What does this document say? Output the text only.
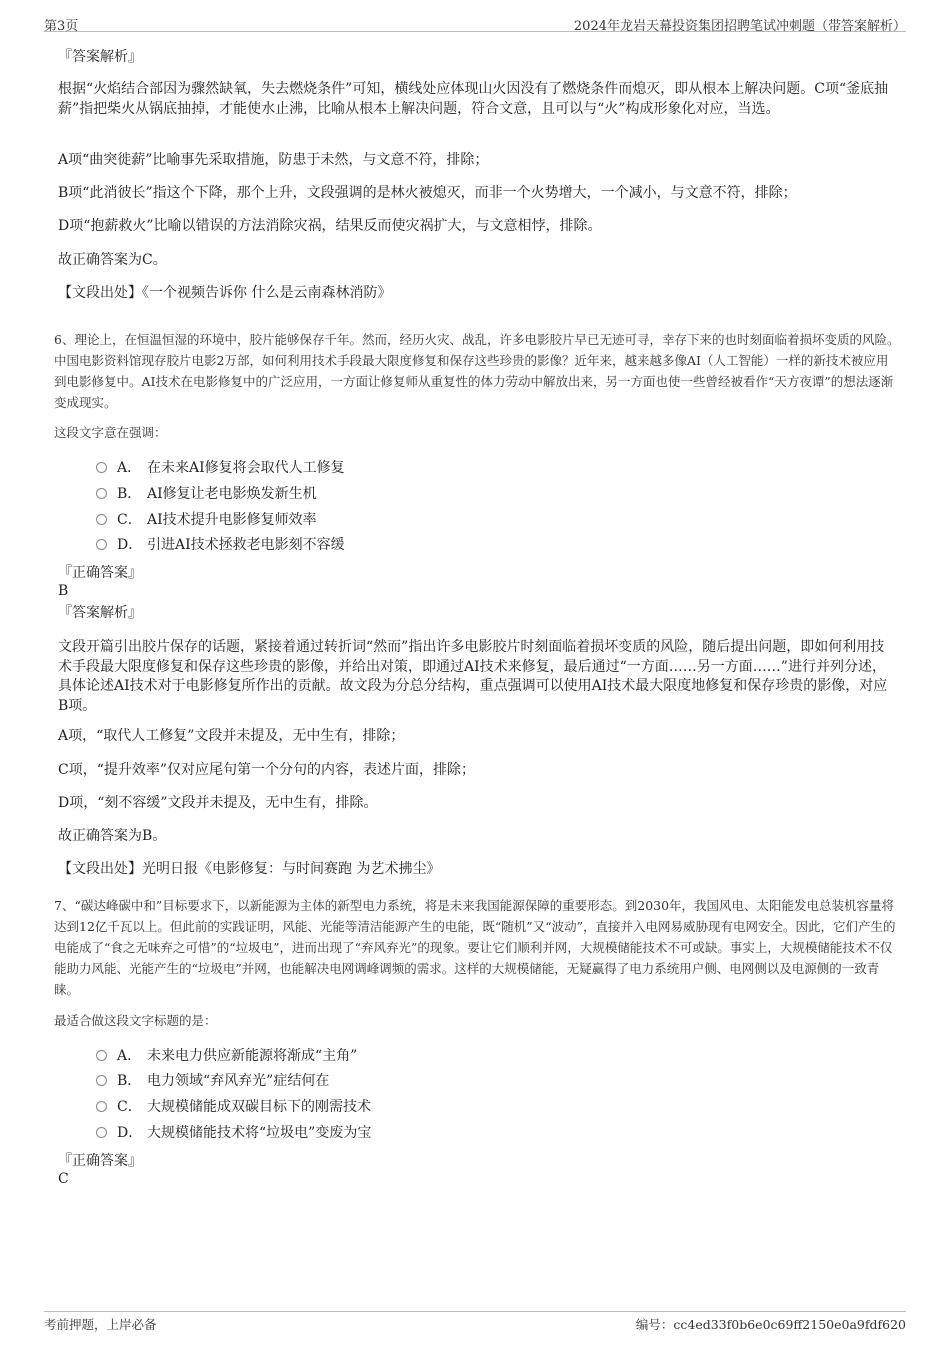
第3页	2024年龙岩天幕投资集团招聘笔试冲刺题（带答案解析）
『答案解析』
根据“火焰结合部因为骤然缺氧，失去燃烧条件”可知，横线处应体现山火因没有了燃烧条件而熄灭，即从根本上解决问题。C项“釜底抽薪”指把柴火从锅底抽掉，才能使水止沸，比喻从根本上解决问题，符合文意，且可以与“火”构成形象化对应，当选。
A项“曲突徙薪”比喻事先采取措施，防患于未然，与文意不符，排除；
B项“此消彼长”指这个下降，那个上升，文段强调的是林火被熄灭，而非一个火势增大，一个减小，与文意不符，排除；
D项“抱薪救火”比喻以错误的方法消除灾祸，结果反而使灾祸扩大，与文意相悖，排除。
故正确答案为C。
【文段出处】《一个视频告诉你 什么是云南森林消防》
6、理论上，在恒温恒湿的环境中，胶片能够保存千年。然而，经历火灾、战乱，许多电影胶片早已无迹可寻，幸存下来的也时刻面临着损坏变质的风险。中国电影资料馆现存胶片电影2万部，如何利用技术手段最大限度修复和保存这些珍贵的影像？近年来，越来越多像AI（人工智能）一样的新技术被应用到电影修复中。AI技术在电影修复中的广泛应用，一方面让修复师从重复性的体力劳动中解放出来，另一方面也使一些曾经被看作“天方夜谭”的想法逐渐变成现实。
这段文字意在强调：
A． 在未来AI修复将会取代人工修复
B． AI修复让老电影焕发新生机
C． AI技术提升电影修复师效率
D． 引进AI技术拯救老电影刻不容缓
『正确答案』
B
『答案解析』
文段开篇引出胶片保存的话题，紧接着通过转折词“然而”指出许多电影胶片时刻面临着损坏变质的风险，随后提出问题，即如何利用技术手段最大限度修复和保存这些珍贵的影像，并给出对策，即通过AI技术来修复，最后通过“一方面……另一方面……”进行并列分述，具体论述AI技术对于电影修复所作出的贡献。故文段为分总分结构，重点强调可以使用AI技术最大限度地修复和保存珍贵的影像，对应B项。
A项，“取代人工修复”文段并未提及，无中生有，排除；
C项，“提升效率”仅对应尾句第一个分句的内容，表述片面，排除；
D项，“刻不容缓”文段并未提及，无中生有，排除。
故正确答案为B。
【文段出处】光明日报《电影修复：与时间赛跑 为艺术拂尘》
7、“碳达峰碳中和”目标要求下，以新能源为主体的新型电力系统，将是未来我国能源保障的重要形态。到2030年，我国风电、太阳能发电总装机容量将达到12亿千瓦以上。但此前的实践证明，风能、光能等清洁能源产生的电能，既“随机”又“波动”，直接并入电网易威胁现有电网安全。因此，它们产生的电能成了“食之无味弃之可惜”的“垃圾电”，进而出现了“弃风弃光”的现象。要让它们顺利并网，大规模储能技术不可或缺。事实上，大规模储能技术不仅能助力风能、光能产生的“垃圾电”并网，也能解决电网调峰调频的需求。这样的大规模储能，无疑赢得了电力系统用户侧、电网侧以及电源侧的一致青睐。
最适合做这段文字标题的是：
A． 未来电力供应新能源将渐成“主角”
B． 电力领域“弃风弃光”症结何在
C． 大规模储能成双碳目标下的刚需技术
D． 大规模储能技术将“垃圾电”变废为宝
『正确答案』
C
考前押题，上岸必备	编号：cc4ed33f0b6e0c69ff2150e0a9fdf620
